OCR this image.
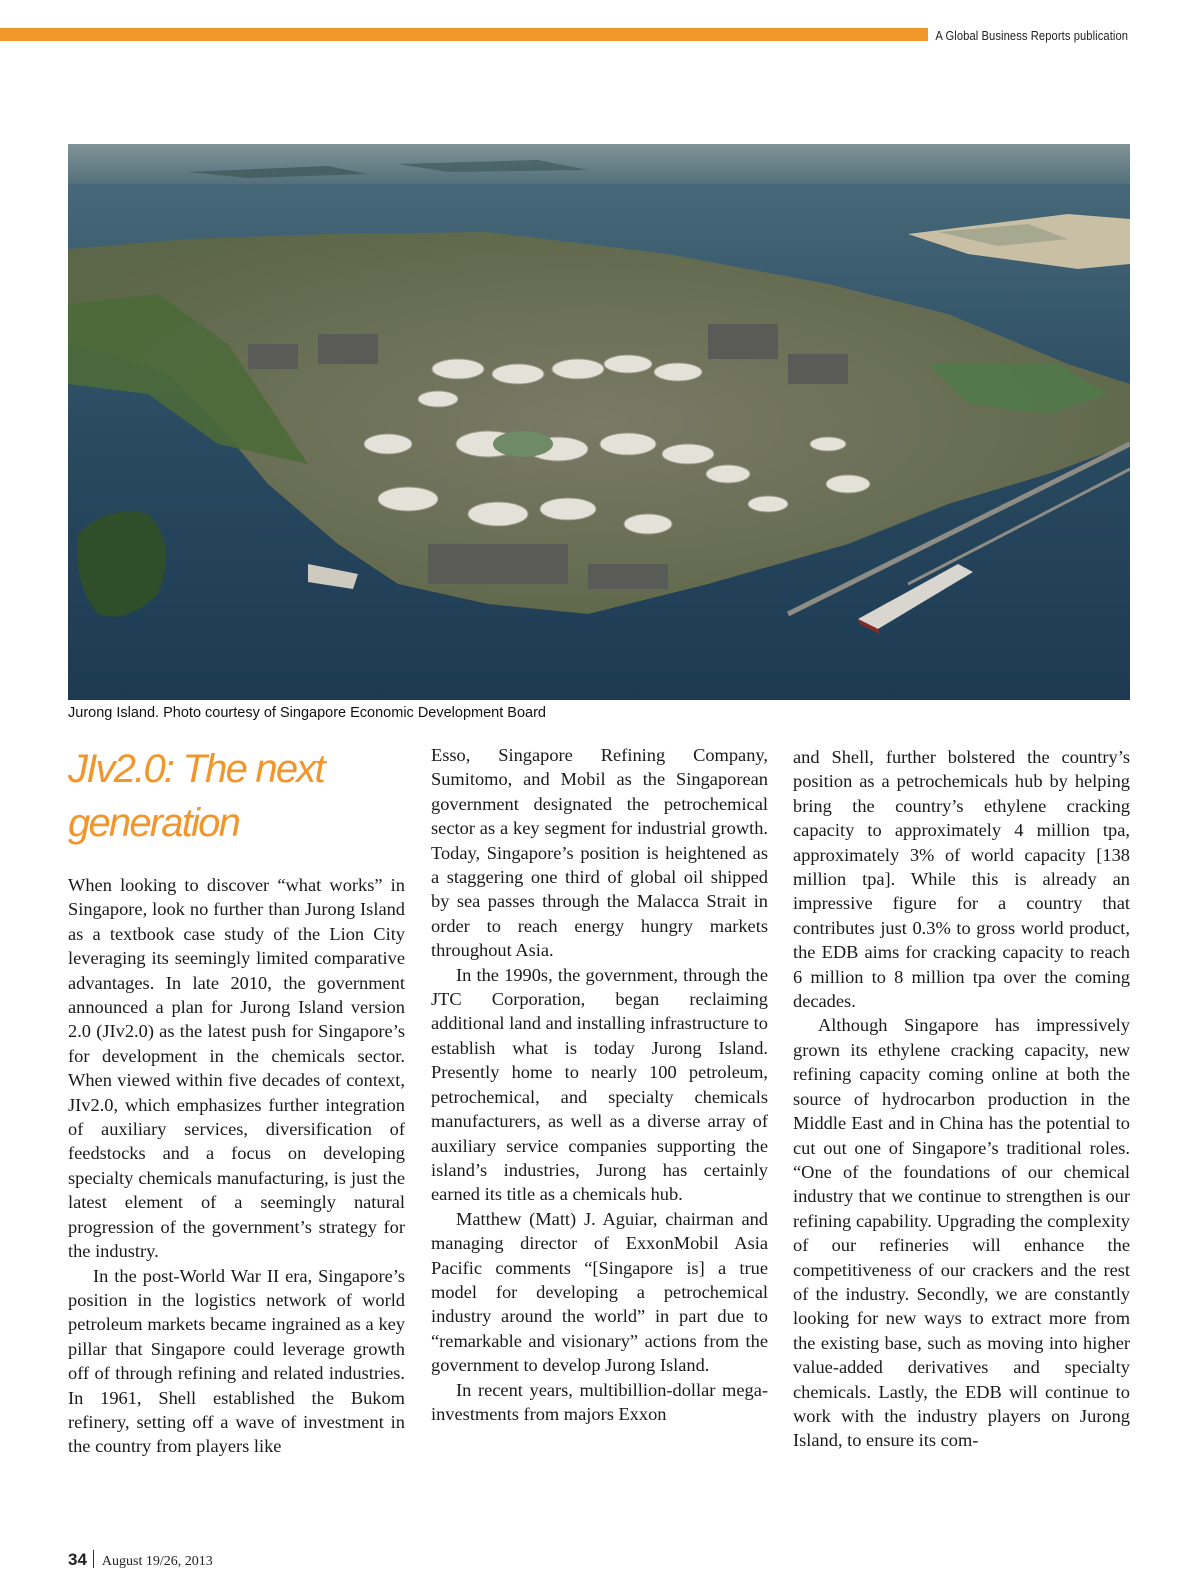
A Global Business Reports publication
Jurong Island. Photo courtesy of Singapore Economic Development Board
JIv2.0: The next generation

When looking to discover “what works” in Singapore, look no further than Jurong Island as a textbook case study of the Lion City leveraging its seemingly limited comparative advantages. In late 2010, the government announced a plan for Jurong Island version 2.0 (JIv2.0) as the latest push for Singapore’s for development in the chemicals sector. When viewed within five decades of context, JIv2.0, which emphasizes further integration of auxiliary services, diversification of feedstocks and a focus on developing specialty chemicals manufacturing, is just the latest element of a seemingly natural progression of the government’s strategy for the industry.

In the post-World War II era, Singapore’s position in the logistics network of world petroleum markets became ingrained as a key pillar that Singapore could leverage growth off of through refining and related industries. In 1961, Shell established the Bukom refinery, setting off a wave of investment in the country from players like

Esso, Singapore Refining Company, Sumitomo, and Mobil as the Singaporean government designated the petrochemical sector as a key segment for industrial growth. Today, Singapore’s position is heightened as a staggering one third of global oil shipped by sea passes through the Malacca Strait in order to reach energy hungry markets throughout Asia.

In the 1990s, the government, through the JTC Corporation, began reclaiming additional land and installing infrastructure to establish what is today Jurong Island. Presently home to nearly 100 petroleum, petrochemical, and specialty chemicals manufacturers, as well as a diverse array of auxiliary service companies supporting the island’s industries, Jurong has certainly earned its title as a chemicals hub.

Matthew (Matt) J. Aguiar, chairman and managing director of ExxonMobil Asia Pacific comments “[Singapore is] a true model for developing a petrochemical industry around the world” in part due to “remarkable and visionary” actions from the government to develop Jurong Island.

In recent years, multibillion-dollar mega-investments from majors Exxon

and Shell, further bolstered the country’s position as a petrochemicals hub by helping bring the country’s ethylene cracking capacity to approximately 4 million tpa, approximately 3% of world capacity [138 million tpa]. While this is already an impressive figure for a country that contributes just 0.3% to gross world product, the EDB aims for cracking capacity to reach 6 million to 8 million tpa over the coming decades.

Although Singapore has impressively grown its ethylene cracking capacity, new refining capacity coming online at both the source of hydrocarbon production in the Middle East and in China has the potential to cut out one of Singapore’s traditional roles. “One of the foundations of our chemical industry that we continue to strengthen is our refining capability. Upgrading the complexity of our refineries will enhance the competitiveness of our crackers and the rest of the industry. Secondly, we are constantly looking for new ways to extract more from the existing base, such as moving into higher value-added derivatives and specialty chemicals. Lastly, the EDB will continue to work with the industry players on Jurong Island, to ensure its com-

34 August 19/26, 2013
